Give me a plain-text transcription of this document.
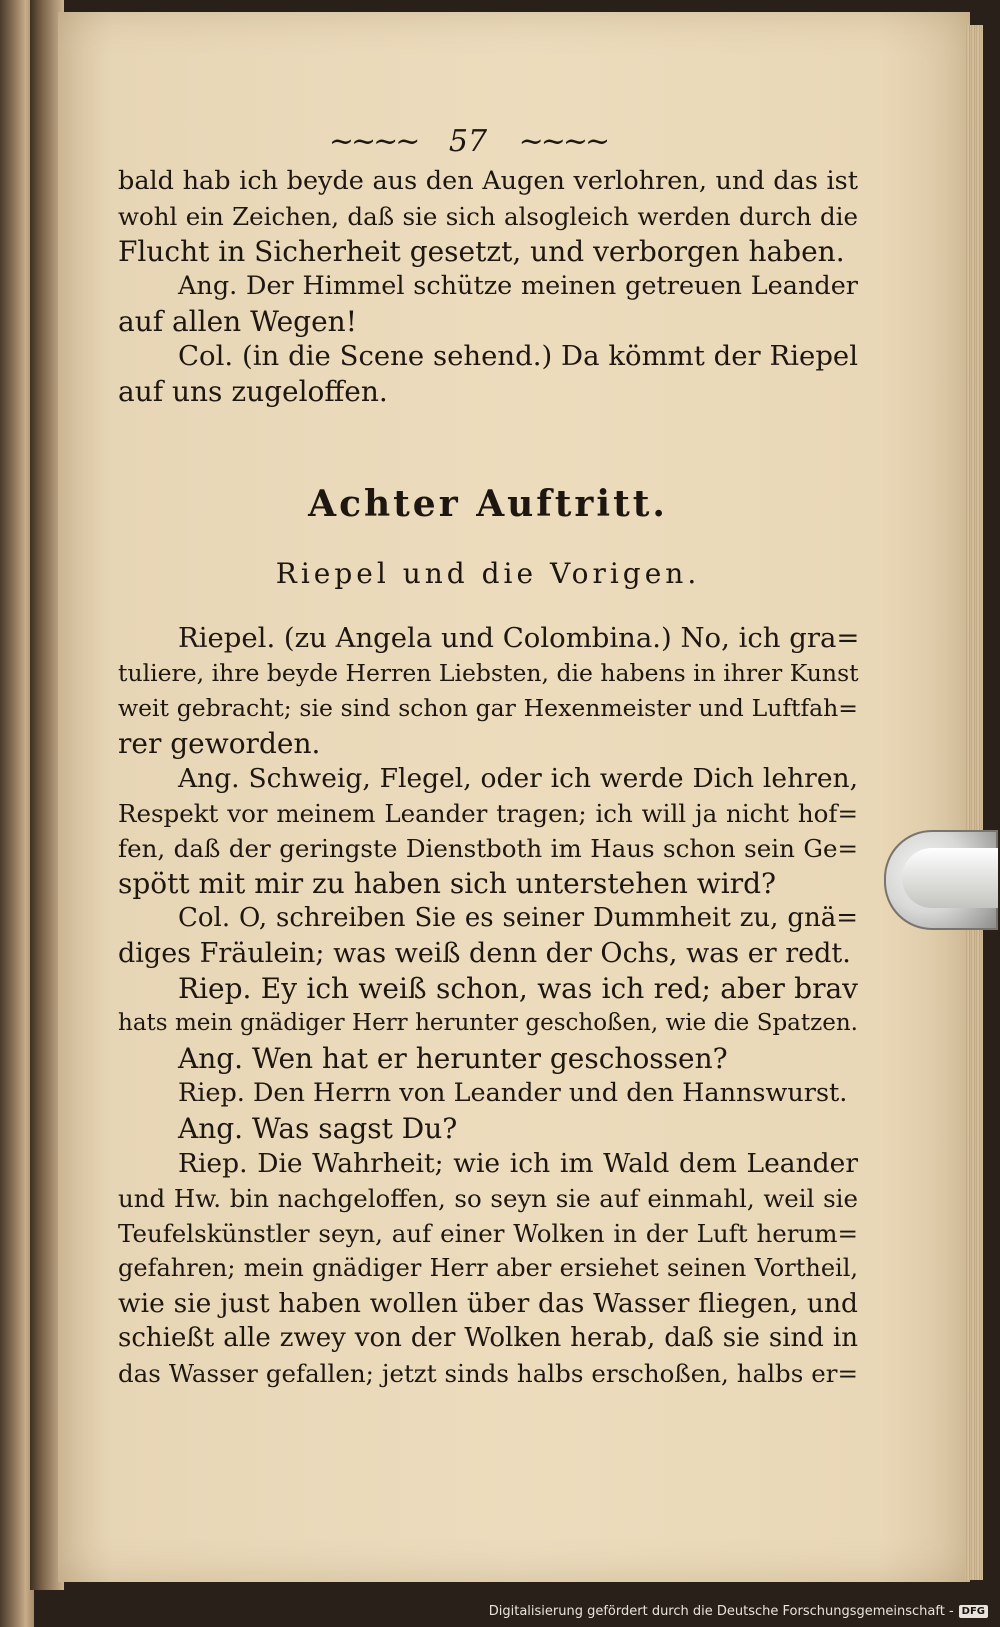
~~~~ 57 ~~~~
bald hab ich beyde aus den Augen verlohren, und das ist
wohl ein Zeichen, daß sie sich alsogleich werden durch die
Flucht in Sicherheit gesetzt, und verborgen haben.
Ang. Der Himmel schütze meinen getreuen Leander
auf allen Wegen!
Col. (in die Scene sehend.) Da kömmt der Riepel
auf uns zugeloffen.
Achter Auftritt.
Riepel und die Vorigen.
Riepel. (zu Angela und Colombina.) No, ich gra=
tuliere, ihre beyde Herren Liebsten, die habens in ihrer Kunst
weit gebracht; sie sind schon gar Hexenmeister und Luftfah=
rer geworden.
Ang. Schweig, Flegel, oder ich werde Dich lehren,
Respekt vor meinem Leander tragen; ich will ja nicht hof=
fen, daß der geringste Dienstboth im Haus schon sein Ge=
spött mit mir zu haben sich unterstehen wird?
Col. O, schreiben Sie es seiner Dummheit zu, gnä=
diges Fräulein; was weiß denn der Ochs, was er redt.
Riep. Ey ich weiß schon, was ich red; aber brav
hats mein gnädiger Herr herunter geschoßen, wie die Spatzen.
Ang. Wen hat er herunter geschossen?
Riep. Den Herrn von Leander und den Hannswurst.
Ang. Was sagst Du?
Riep. Die Wahrheit; wie ich im Wald dem Leander
und Hw. bin nachgeloffen, so seyn sie auf einmahl, weil sie
Teufelskünstler seyn, auf einer Wolken in der Luft herum=
gefahren; mein gnädiger Herr aber ersiehet seinen Vortheil,
wie sie just haben wollen über das Wasser fliegen, und
schießt alle zwey von der Wolken herab, daß sie sind in
das Wasser gefallen; jetzt sinds halbs erschoßen, halbs er=
Digitalisierung gefördert durch die Deutsche Forschungsgemeinschaft - DFG
